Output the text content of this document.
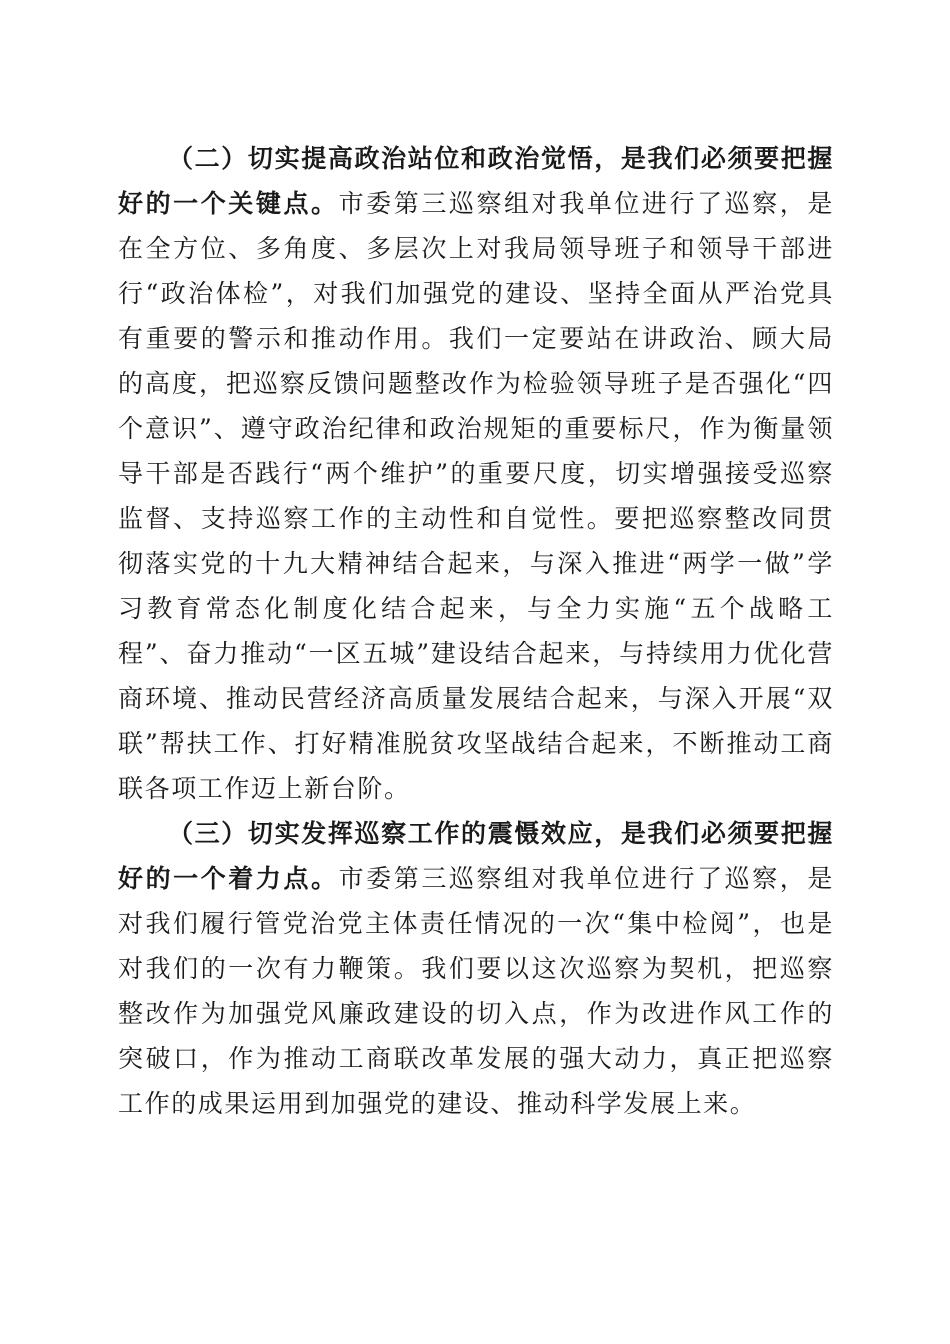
（二）切实提高政治站位和政治觉悟，是我们必须要把握好的一个关键点。市委第三巡察组对我单位进行了巡察，是在全方位、多角度、多层次上对我局领导班子和领导干部进行“政治体检”，对我们加强党的建设、坚持全面从严治党具有重要的警示和推动作用。我们一定要站在讲政治、顾大局的高度，把巡察反馈问题整改作为检验领导班子是否强化“四个意识”、遵守政治纪律和政治规矩的重要标尺，作为衡量领导干部是否践行“两个维护”的重要尺度，切实增强接受巡察监督、支持巡察工作的主动性和自觉性。要把巡察整改同贯彻落实党的十九大精神结合起来，与深入推进“两学一做”学习教育常态化制度化结合起来，与全力实施“五个战略工程”、奋力推动“一区五城”建设结合起来，与持续用力优化营商环境、推动民营经济高质量发展结合起来，与深入开展“双联”帮扶工作、打好精准脱贫攻坚战结合起来，不断推动工商联各项工作迈上新台阶。

（三）切实发挥巡察工作的震慑效应，是我们必须要把握好的一个着力点。市委第三巡察组对我单位进行了巡察，是对我们履行管党治党主体责任情况的一次“集中检阅”，也是对我们的一次有力鞭策。我们要以这次巡察为契机，把巡察整改作为加强党风廉政建设的切入点，作为改进作风工作的突破口，作为推动工商联改革发展的强大动力，真正把巡察工作的成果运用到加强党的建设、推动科学发展上来。
